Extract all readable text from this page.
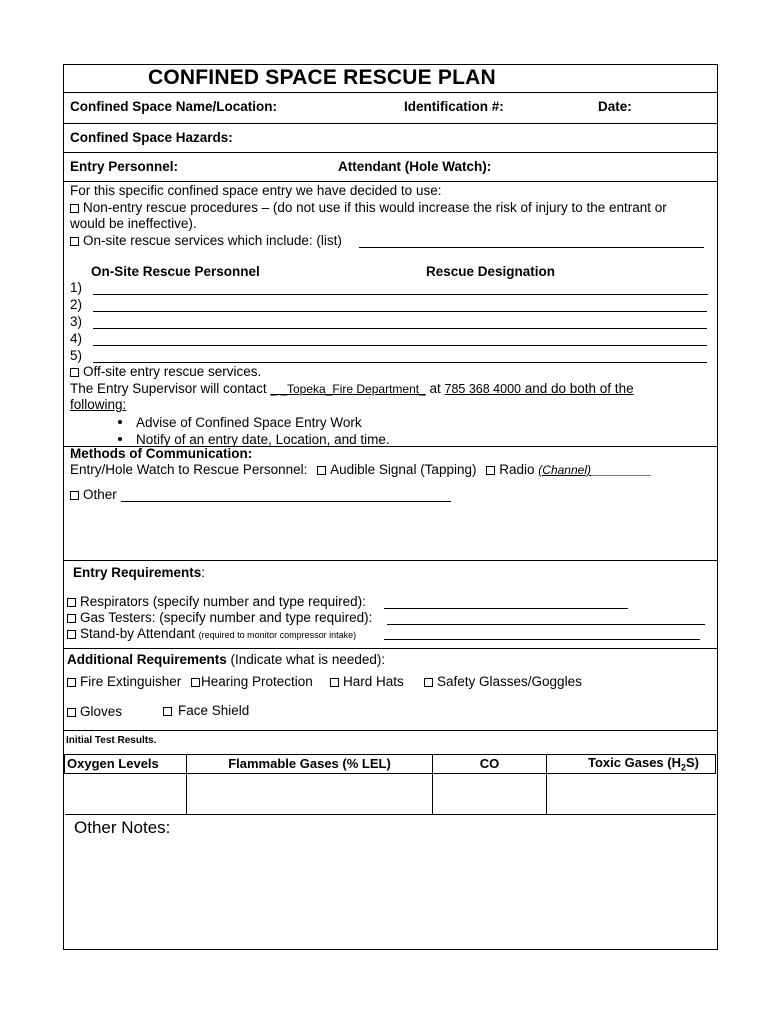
CONFINED SPACE RESCUE PLAN
Confined Space Name/Location:	Identification #:	Date:
Confined Space Hazards:
Entry Personnel:	Attendant (Hole Watch):
For this specific confined space entry we have decided to use:
Non-entry rescue procedures – (do not use if this would increase the risk of injury to the entrant or
would be ineffective).
On-site rescue services which include: (list)
On-Site Rescue Personnel	Rescue Designation
1)
2)
3)
4)
5)
Off-site entry rescue services.
The Entry Supervisor will contact _ _Topeka_Fire Department_ at 785 368 4000 and do both of the
following:
Advise of Confined Space Entry Work
Notify of an entry date, Location, and time.
Methods of Communication:
Entry/Hole Watch to Rescue Personnel: Audible Signal (Tapping) Radio (Channel)________
Other
Entry Requirements:
Respirators (specify number and type required):
Gas Testers: (specify number and type required):
Stand-by Attendant (required to monitor compressor intake)
Additional Requirements (Indicate what is needed):
Fire Extinguisher	Hearing Protection	Hard Hats	Safety Glasses/Goggles
Gloves	Face Shield
Initial Test Results.
Oxygen Levels	Flammable Gases (% LEL)	CO	Toxic Gases $(H_2S)$

Other Notes:
